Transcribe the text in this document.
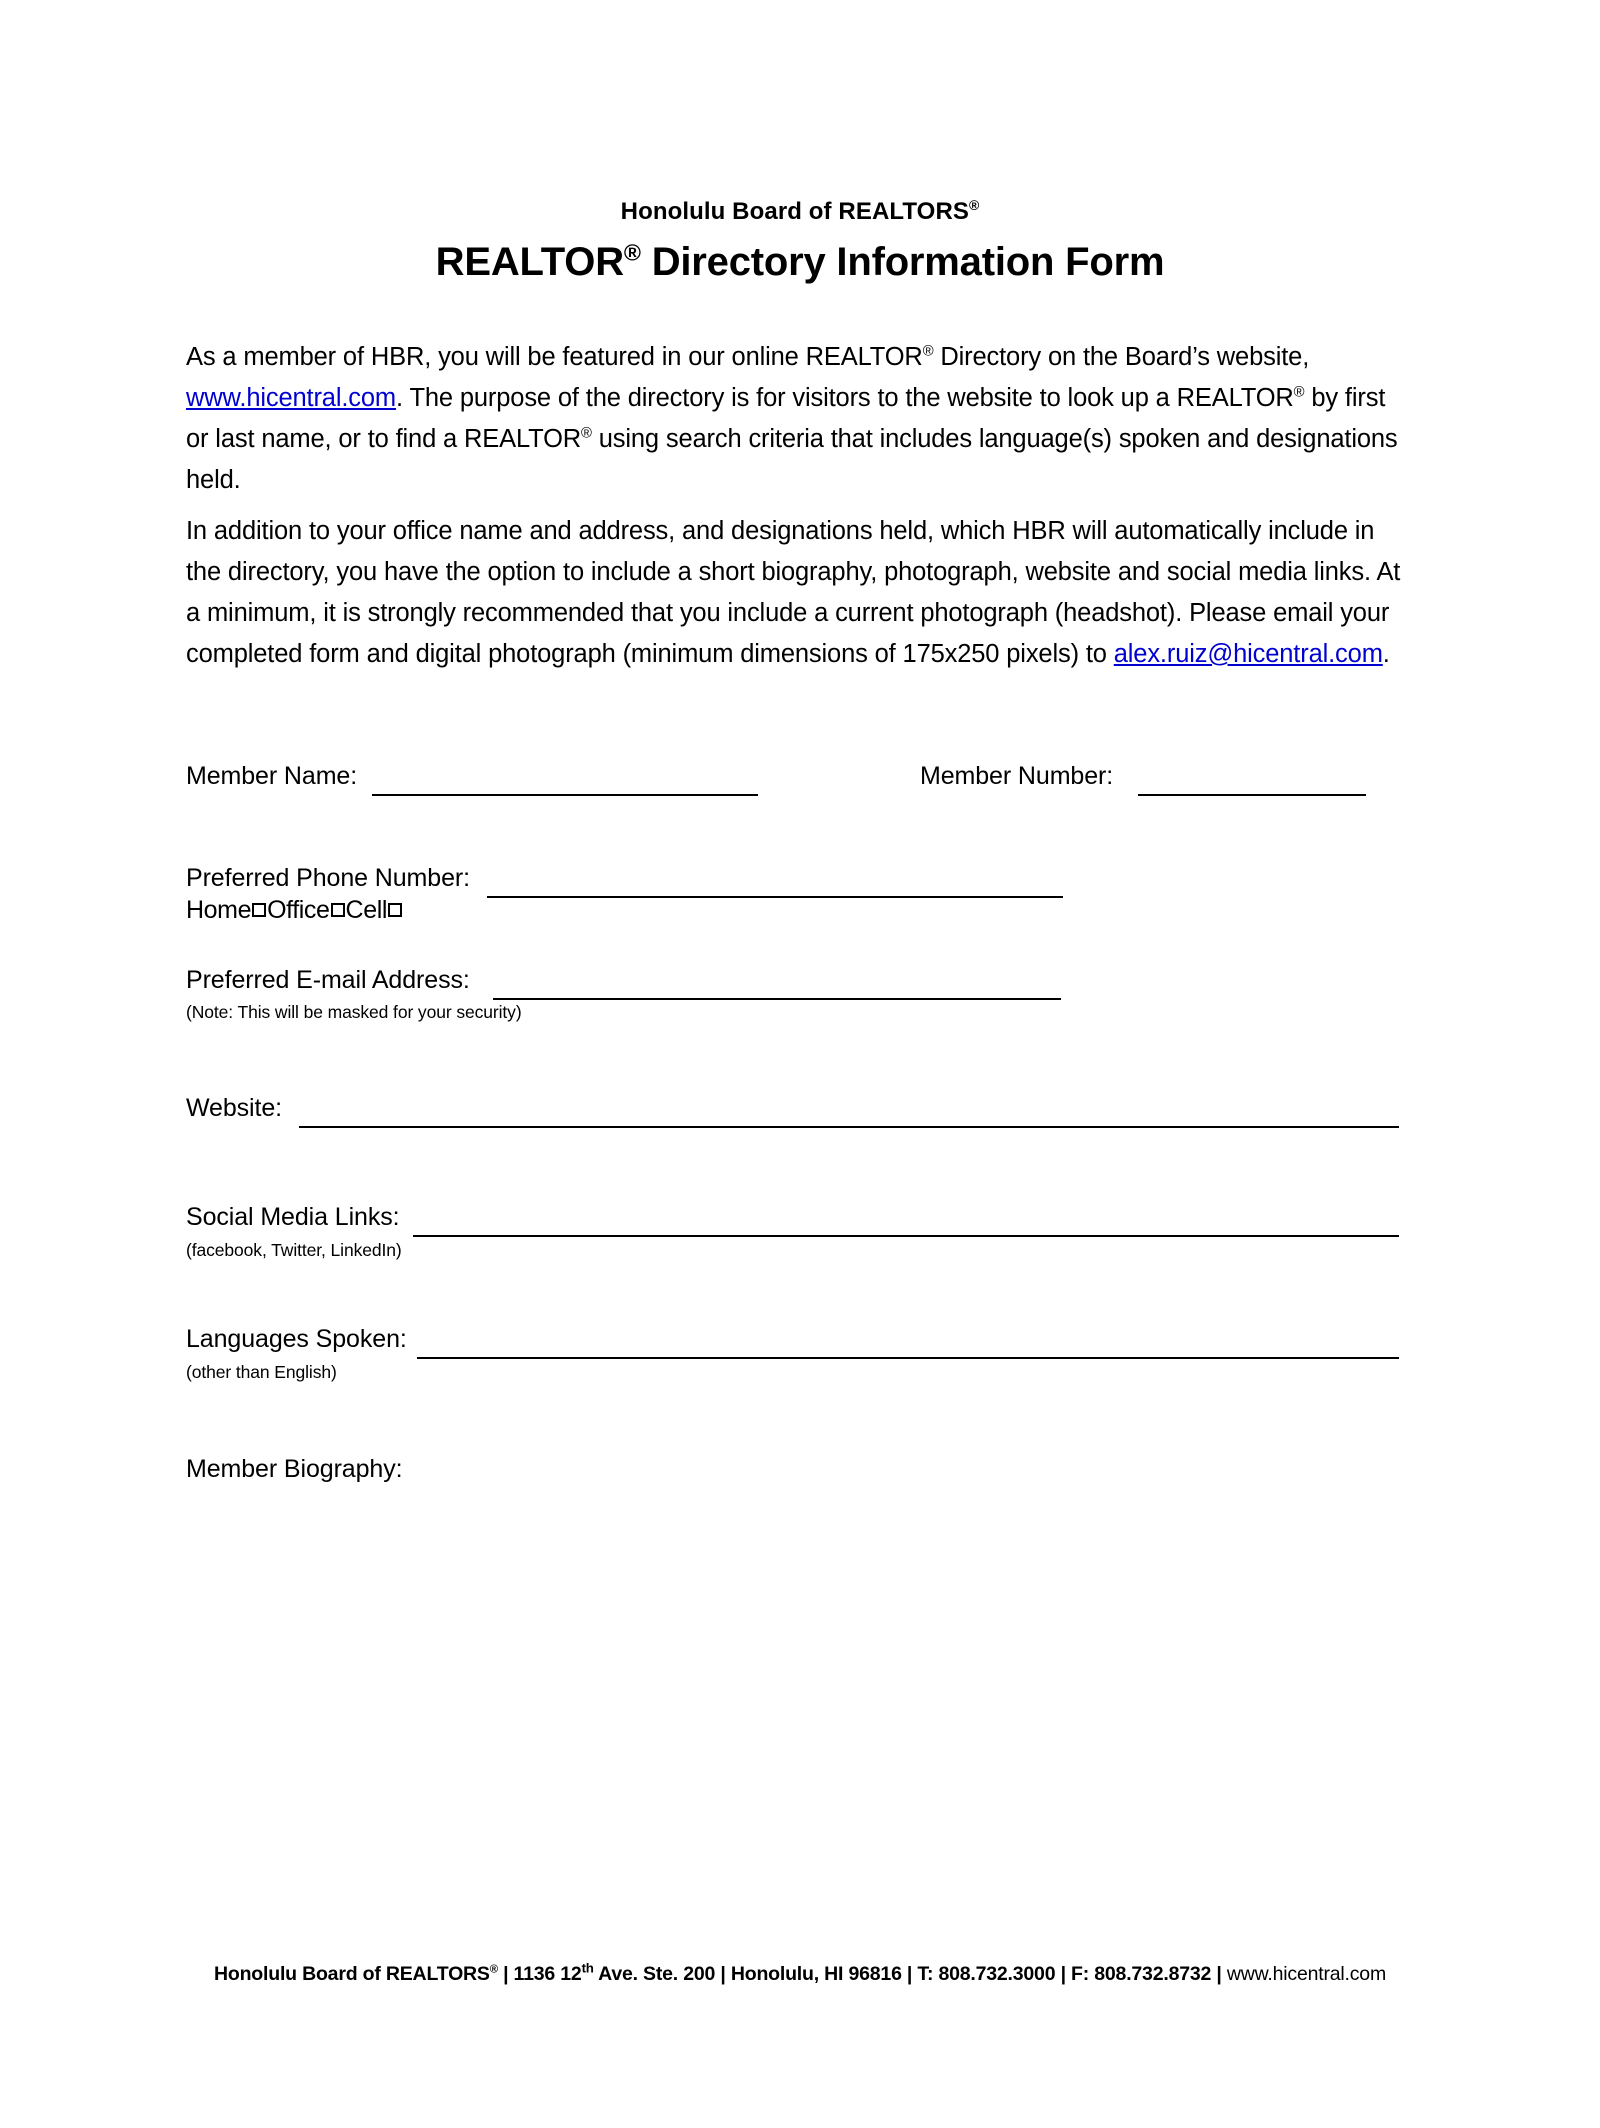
Honolulu Board of REALTORS®
REALTOR® Directory Information Form
As a member of HBR, you will be featured in our online REALTOR® Directory on the Board’s website, www.hicentral.com. The purpose of the directory is for visitors to the website to look up a REALTOR® by first or last name, or to find a REALTOR® using search criteria that includes language(s) spoken and designations held.
In addition to your office name and address, and designations held, which HBR will automatically include in the directory, you have the option to include a short biography, photograph, website and social media links. At a minimum, it is strongly recommended that you include a current photograph (headshot). Please email your completed form and digital photograph (minimum dimensions of 175x250 pixels) to alex.ruiz@hicentral.com.
Member Name:	Member Number:
Preferred Phone Number:
Home Office Cell
Preferred E-mail Address:
(Note: This will be masked for your security)
Website:
Social Media Links:
(facebook, Twitter, LinkedIn)
Languages Spoken:
(other than English)
Member Biography:
Honolulu Board of REALTORS® | 1136 12th Ave. Ste. 200 | Honolulu, HI 96816 | T: 808.732.3000 | F: 808.732.8732 | www.hicentral.com
